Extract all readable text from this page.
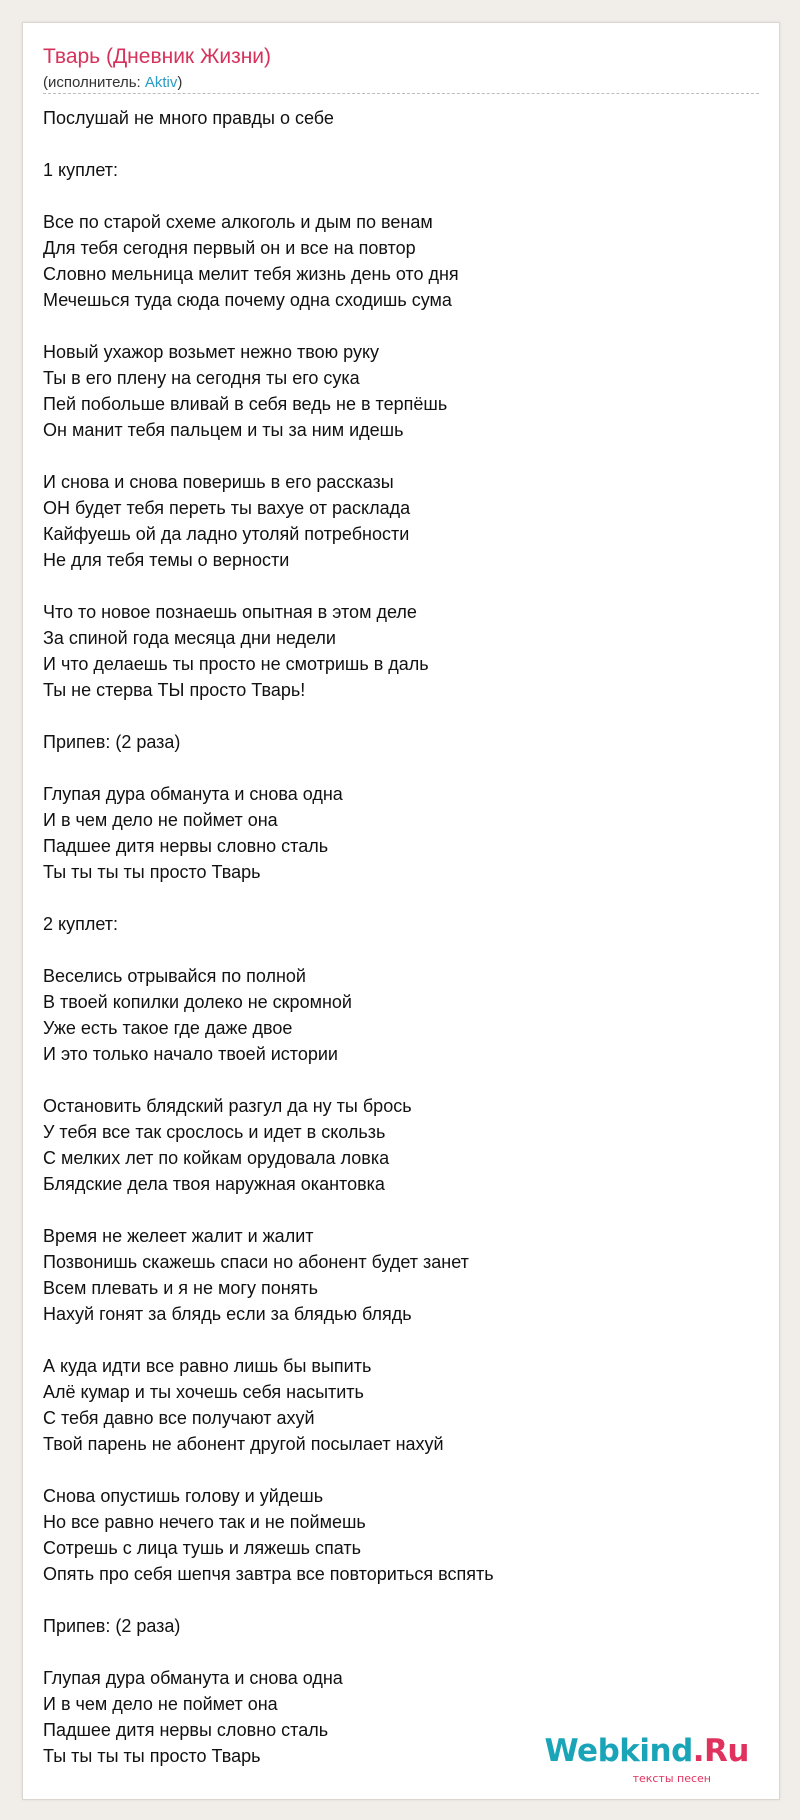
Тварь (Дневник Жизни)
(исполнитель: Aktiv)
Послушай не много правды о себе
1 куплет:
Все по старой схеме алкоголь и дым по венам
Для тебя сегодня первый он и все на повтор
Словно мельница мелит тебя жизнь день ото дня
Мечешься туда сюда почему одна сходишь сума
Новый ухажор возьмет нежно твою руку
Ты в его плену на сегодня ты его сука
Пей побольше вливай в себя ведь не в терпёшь
Он манит тебя пальцем и ты за ним идешь
И снова и снова поверишь в его рассказы
ОН будет тебя переть ты вахуе от расклада
Кайфуешь ой да ладно утоляй потребности
Не для тебя темы о верности
Что то новое познаешь опытная в этом деле
За спиной года месяца дни недели
И что делаешь ты просто не смотришь в даль
Ты не стерва ТЫ просто Тварь!
Припев: (2 раза)
Глупая дура обманута и снова одна
И в чем дело не поймет она
Падшее дитя нервы словно сталь
Ты ты ты ты просто Тварь
2 куплет:
Веселись отрывайся по полной
В твоей копилки долеко не скромной
Уже есть такое где даже двое
И это только начало твоей истории
Остановить блядский разгул да ну ты брось
У тебя все так срослось и идет в скользь
С мелких лет по койкам орудовала ловка
Блядские дела твоя наружная окантовка
Время не желеет жалит и жалит
Позвонишь скажешь спаси но абонент будет занет
Всем плевать и я не могу понять
Нахуй гонят за блядь если за блядью блядь
А куда идти все равно лишь бы выпить
Алё кумар и ты хочешь себя насытить
С тебя давно все получают ахуй
Твой парень не абонент другой посылает нахуй
Снова опустишь голову и уйдешь
Но все равно нечего так и не поймешь
Сотрешь с лица тушь и ляжешь спать
Опять про себя шепчя завтра все повториться вспять
Припев: (2 раза)
Глупая дура обманута и снова одна
И в чем дело не поймет она
Падшее дитя нервы словно сталь
Ты ты ты ты просто Тварь	Webkind.Ru
тексты песен
